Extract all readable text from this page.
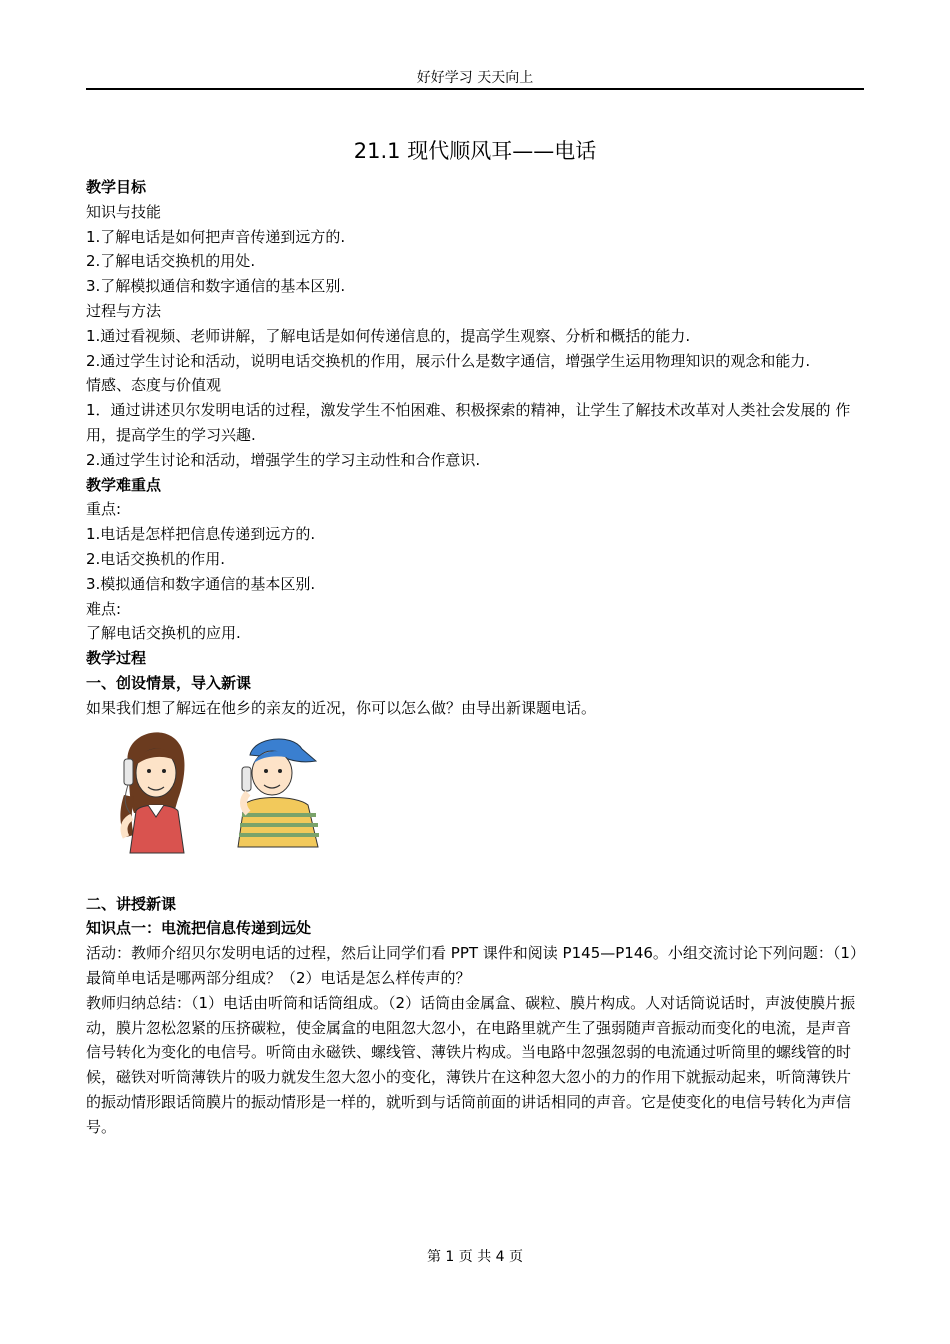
好好学习 天天向上
21.1 现代顺风耳——电话

教学目标

知识与技能

1.了解电话是如何把声音传递到远方的.

2.了解电话交换机的用处.

3.了解模拟通信和数字通信的基本区别.

过程与方法

1.通过看视频、老师讲解，了解电话是如何传递信息的，提高学生观察、分析和概括的能力.

2.通过学生讨论和活动，说明电话交换机的作用，展示什么是数字通信，增强学生运用物理知识的观念和能力.

情感、态度与价值观

1．通过讲述贝尔发明电话的过程，激发学生不怕困难、积极探索的精神，让学生了解技术改革对人类社会发展的 作用，提高学生的学习兴趣.

2.通过学生讨论和活动，增强学生的学习主动性和合作意识.

教学难重点

重点:

1.电话是怎样把信息传递到远方的.

2.电话交换机的作用.

3.模拟通信和数字通信的基本区别.

难点:

了解电话交换机的应用.

教学过程

一、创设情景，导入新课

如果我们想了解远在他乡的亲友的近况，你可以怎么做？由导出新课题电话。

二、讲授新课

知识点一：电流把信息传递到远处

活动：教师介绍贝尔发明电话的过程，然后让同学们看 PPT 课件和阅读 P145—P146。小组交流讨论下列问题：（1）最简单电话是哪两部分组成？（2）电话是怎么样传声的？

教师归纳总结：（1）电话由听筒和话筒组成。（2）话筒由金属盒、碳粒、膜片构成。人对话筒说话时，声波使膜片振动，膜片忽松忽紧的压挤碳粒，使金属盒的电阻忽大忽小，在电路里就产生了强弱随声音振动而变化的电流，是声音信号转化为变化的电信号。听筒由永磁铁、螺线管、薄铁片构成。当电路中忽强忽弱的电流通过听筒里的螺线管的时候，磁铁对听筒薄铁片的吸力就发生忽大忽小的变化，薄铁片在这种忽大忽小的力的作用下就振动起来，听筒薄铁片的振动情形跟话筒膜片的振动情形是一样的，就听到与话筒前面的讲话相同的声音。它是使变化的电信号转化为声信号。

第 1 页 共 4 页
